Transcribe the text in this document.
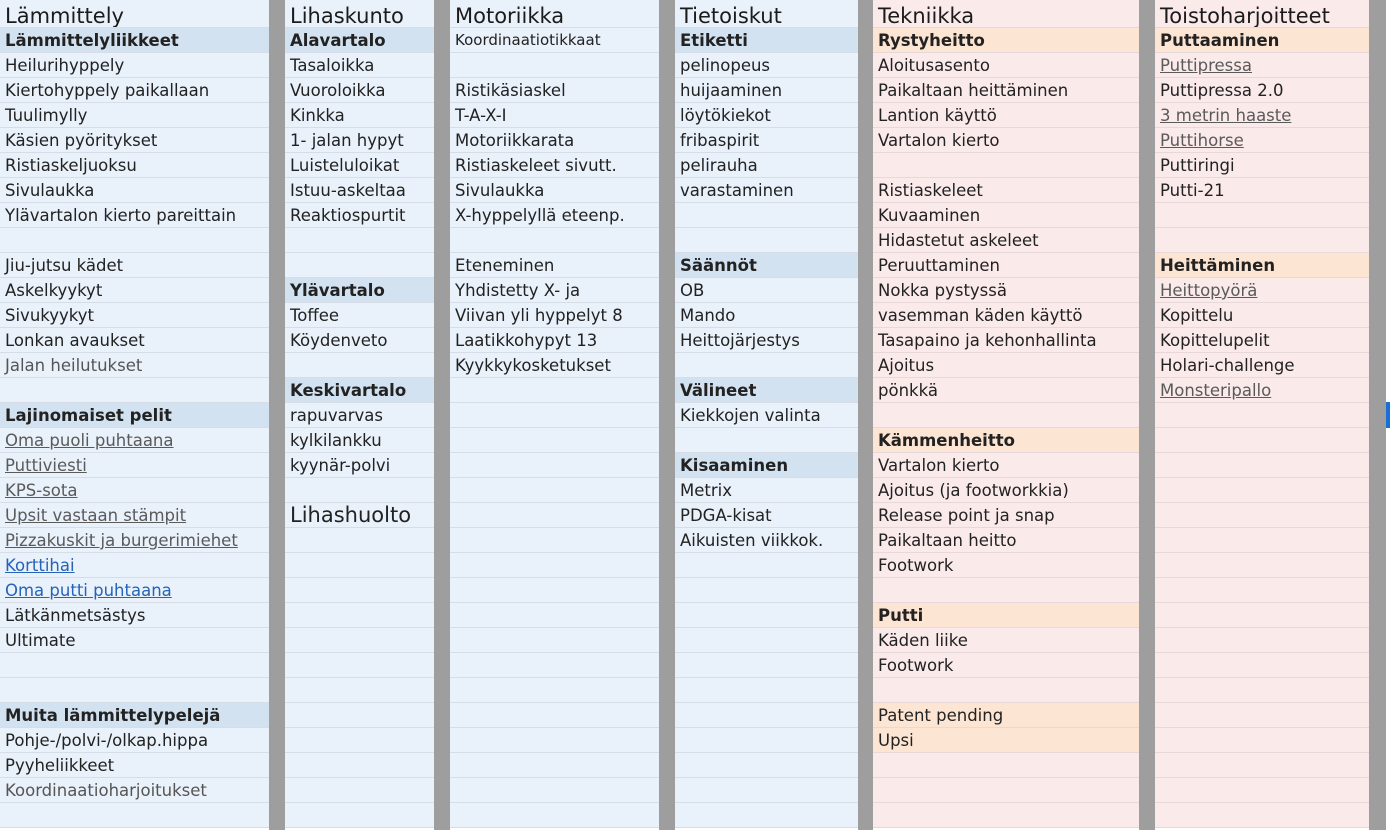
Lämmittely
Lämmittelyliikkeet
Heilurihyppely
Kiertohyppely paikallaan
Tuulimylly
Käsien pyöritykset
Ristiaskeljuoksu
Sivulaukka
Ylävartalon kierto pareittain
Jiu-jutsu kädet
Askelkyykyt
Sivukyykyt
Lonkan avaukset
Jalan heilutukset
Lajinomaiset pelit
Oma puoli puhtaana
Puttiviesti
KPS-sota
Upsit vastaan stämpit
Pizzakuskit ja burgerimiehet
Korttihai
Oma putti puhtaana
Lätkänmetsästys
Ultimate
Muita lämmittelypelejä
Pohje-/polvi-/olkap.hippa
Pyyheliikkeet
Koordinaatioharjoitukset
Lihaskunto
Alavartalo
Tasaloikka
Vuoroloikka
Kinkka
1- jalan hypyt
Luisteluloikat
Istuu-askeltaa
Reaktiospurtit
Ylävartalo
Toffee
Köydenveto
Keskivartalo
rapuvarvas
kylkilankku
kyynär-polvi
Lihashuolto
Motoriikka
Koordinaatiotikkaat
Ristikäsiaskel
T-A-X-I
Motoriikkarata
Ristiaskeleet sivutt.
Sivulaukka
X-hyppelyllä eteenp.
Eteneminen
Yhdistetty X- ja
Viivan yli hyppelyt 8
Laatikkohypyt 13
Kyykkykosketukset
Tietoiskut
Etiketti
pelinopeus
huijaaminen
löytökiekot
fribaspirit
pelirauha
varastaminen
Säännöt
OB
Mando
Heittojärjestys
Välineet
Kiekkojen valinta
Kisaaminen
Metrix
PDGA-kisat
Aikuisten viikkok.
Tekniikka
Rystyheitto
Aloitusasento
Paikaltaan heittäminen
Lantion käyttö
Vartalon kierto
Ristiaskeleet
Kuvaaminen
Hidastetut askeleet
Peruuttaminen
Nokka pystyssä
vasemman käden käyttö
Tasapaino ja kehonhallinta
Ajoitus
pönkkä
Kämmenheitto
Vartalon kierto
Ajoitus (ja footworkkia)
Release point ja snap
Paikaltaan heitto
Footwork
Putti
Käden liike
Footwork
Patent pending
Upsi
Toistoharjoitteet
Puttaaminen
Puttipressa
Puttipressa 2.0
3 metrin haaste
Puttihorse
Puttiringi
Putti-21
Heittäminen
Heittopyörä
Kopittelu
Kopittelupelit
Holari-challenge
Monsteripallo
